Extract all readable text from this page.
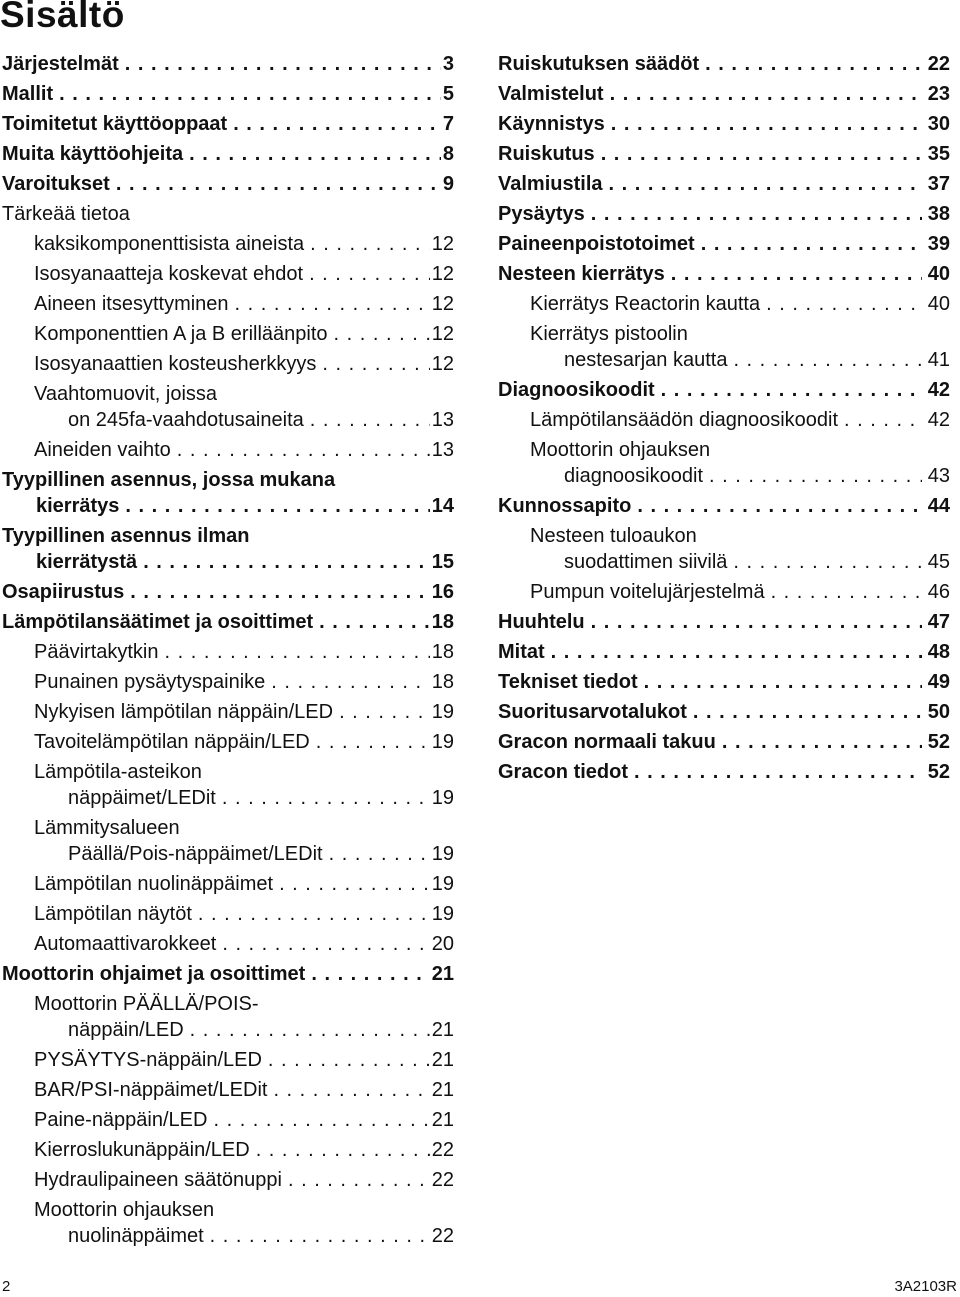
Sisältö
Järjestelmät . . .	3
Mallit . . .	5
Toimitetut käyttöoppaat . . .	7
Muita käyttöohjeita . . .	8
Varoitukset . . .	9
Tärkeää tietoa
kaksikomponenttisista aineista . . .	12
Isosyanaatteja koskevat ehdot . . .	12
Aineen itsesyttyminen . . .	12
Komponenttien A ja B erilläänpito . . .	12
Isosyanaattien kosteusherkkyys . . .	12
Vaahtomuovit, joissa
on 245fa-vaahdotusaineita . . .	13
Aineiden vaihto . . .	13
Tyypillinen asennus, jossa mukana
kierrätys . . .	14
Tyypillinen asennus ilman
kierrätystä . . .	15
Osapiirustus . . .	16
Lämpötilansäätimet ja osoittimet . . .	18
Päävirtakytkin . . .	18
Punainen pysäytyspainike . . .	18
Nykyisen lämpötilan näppäin/LED . . .	19
Tavoitelämpötilan näppäin/LED . . .	19
Lämpötila-asteikon
näppäimet/LEDit . . .	19
Lämmitysalueen
Päällä/Pois-näppäimet/LEDit . . .	19
Lämpötilan nuolinäppäimet . . .	19
Lämpötilan näytöt . . .	19
Automaattivarokkeet . . .	20
Moottorin ohjaimet ja osoittimet . . .	21
Moottorin PÄÄLLÄ/POIS-
näppäin/LED . . .	21
PYSÄYTYS-näppäin/LED . . .	21
BAR/PSI-näppäimet/LEDit . . .	21
Paine-näppäin/LED . . .	21
Kierroslukunäppäin/LED . . .	22
Hydraulipaineen säätönuppi . . .	22
Moottorin ohjauksen
nuolinäppäimet . . .	22
Ruiskutuksen säädöt . . .	22
Valmistelut . . .	23
Käynnistys . . .	30
Ruiskutus . . .	35
Valmiustila . . .	37
Pysäytys . . .	38
Paineenpoistotoimet . . .	39
Nesteen kierrätys . . .	40
Kierrätys Reactorin kautta . . .	40
Kierrätys pistoolin
nestesarjan kautta . . .	41
Diagnoosikoodit . . .	42
Lämpötilansäädön diagnoosikoodit . . .	42
Moottorin ohjauksen
diagnoosikoodit . . .	43
Kunnossapito . . .	44
Nesteen tuloaukon
suodattimen siivilä . . .	45
Pumpun voitelujärjestelmä . . .	46
Huuhtelu . . .	47
Mitat . . .	48
Tekniset tiedot . . .	49
Suoritusarvotalukot . . .	50
Gracon normaali takuu . . .	52
Gracon tiedot . . .	52
2	3A2103R
